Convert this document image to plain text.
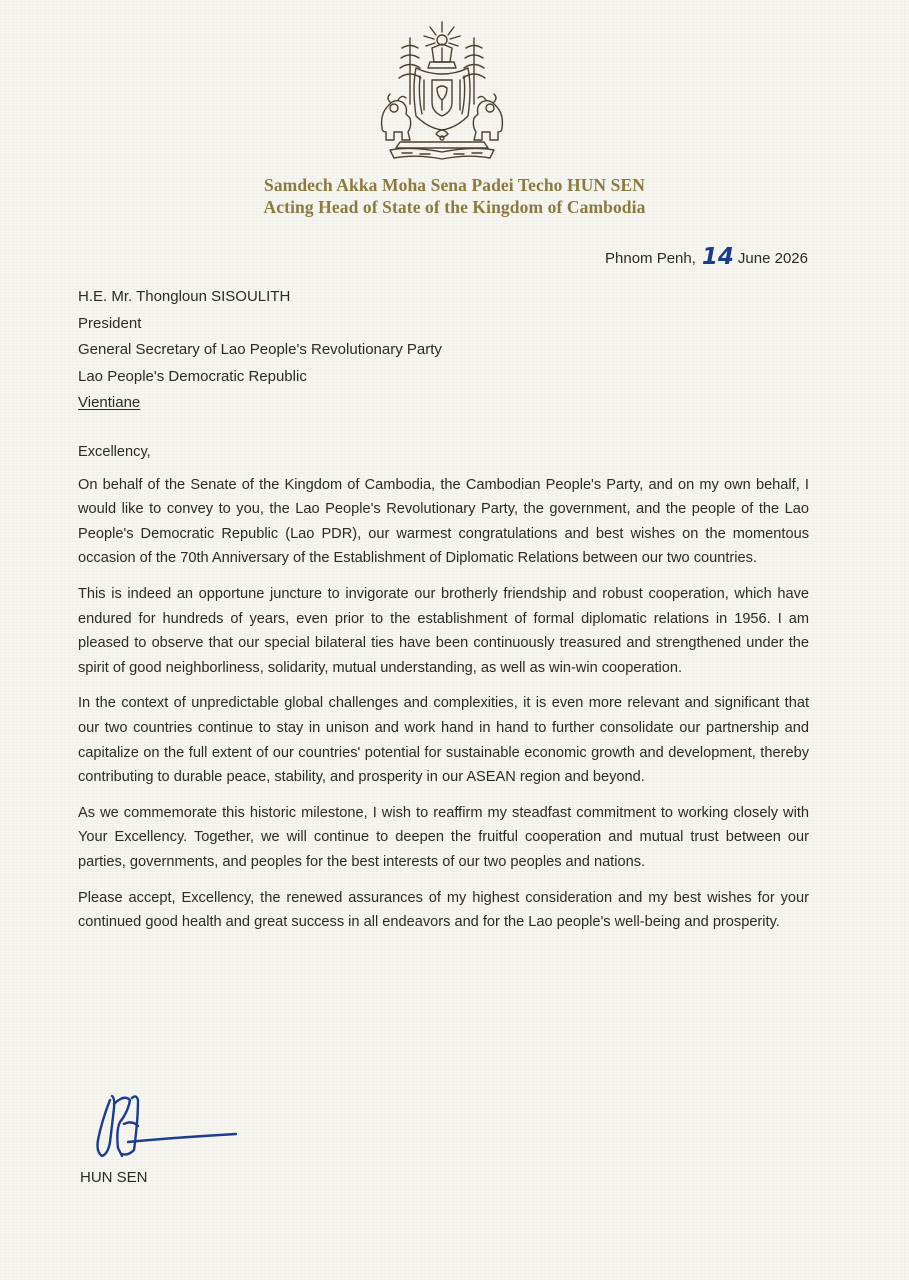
Samdech Akka Moha Sena Padei Techo HUN SEN
Acting Head of State of the Kingdom of Cambodia
Phnom Penh, 14 June 2026
H.E. Mr. Thongloun SISOULITH
President
General Secretary of Lao People's Revolutionary Party
Lao People's Democratic Republic
Vientiane

Excellency,

On behalf of the Senate of the Kingdom of Cambodia, the Cambodian People's Party, and on my own behalf, I would like to convey to you, the Lao People's Revolutionary Party, the government, and the people of the Lao People's Democratic Republic (Lao PDR), our warmest congratulations and best wishes on the momentous occasion of the 70th Anniversary of the Establishment of Diplomatic Relations between our two countries.

This is indeed an opportune juncture to invigorate our brotherly friendship and robust cooperation, which have endured for hundreds of years, even prior to the establishment of formal diplomatic relations in 1956. I am pleased to observe that our special bilateral ties have been continuously treasured and strengthened under the spirit of good neighborliness, solidarity, mutual understanding, as well as win-win cooperation.

In the context of unpredictable global challenges and complexities, it is even more relevant and significant that our two countries continue to stay in unison and work hand in hand to further consolidate our partnership and capitalize on the full extent of our countries' potential for sustainable economic growth and development, thereby contributing to durable peace, stability, and prosperity in our ASEAN region and beyond.

As we commemorate this historic milestone, I wish to reaffirm my steadfast commitment to working closely with Your Excellency. Together, we will continue to deepen the fruitful cooperation and mutual trust between our parties, governments, and peoples for the best interests of our two peoples and nations.

Please accept, Excellency, the renewed assurances of my highest consideration and my best wishes for your continued good health and great success in all endeavors and for the Lao people's well-being and prosperity.

HUN SEN
